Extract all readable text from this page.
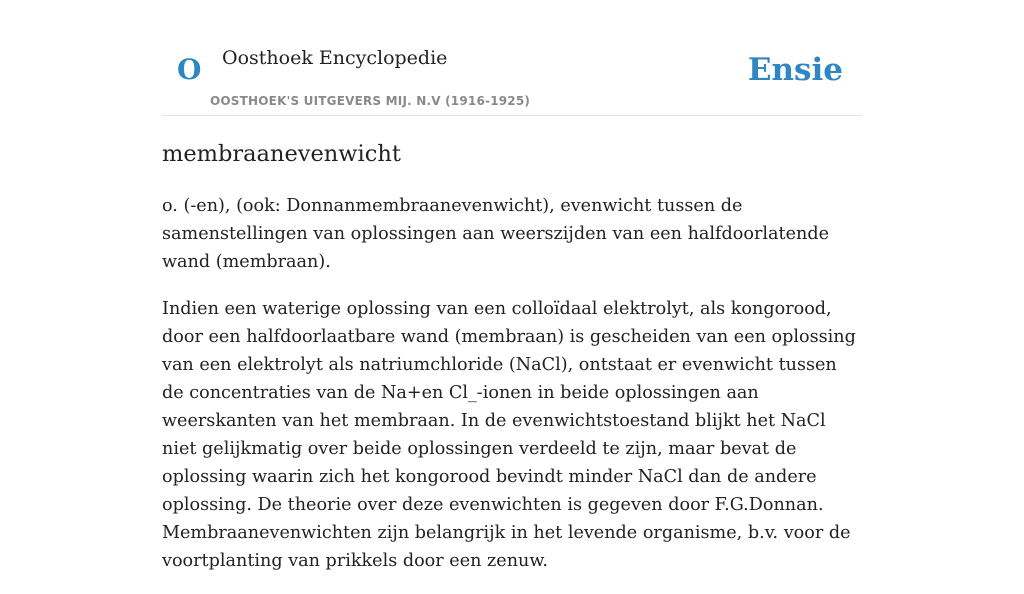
O Oosthoek Encyclopedie
OOSTHOEK'S UITGEVERS MIJ. N.V (1916-1925)
Ensie
membraanevenwicht

o. (-en), (ook: Donnanmembraanevenwicht), evenwicht tussen de samenstellingen van oplossingen aan weerszijden van een halfdoorlatende wand (membraan).

Indien een waterige oplossing van een colloïdaal elektrolyt, als kongorood, door een halfdoorlaatbare wand (membraan) is gescheiden van een oplossing van een elektrolyt als natriumchloride (NaCl), ontstaat er evenwicht tussen de concentraties van de Na+en Cl_-ionen in beide oplossingen aan weerskanten van het membraan. In de evenwichtstoestand blijkt het NaCl niet gelijkmatig over beide oplossingen verdeeld te zijn, maar bevat de oplossing waarin zich het kongorood bevindt minder NaCl dan de andere oplossing. De theorie over deze evenwichten is gegeven door F.G.Donnan. Membraanevenwichten zijn belangrijk in het levende organisme, b.v. voor de voortplanting van prikkels door een zenuw.
